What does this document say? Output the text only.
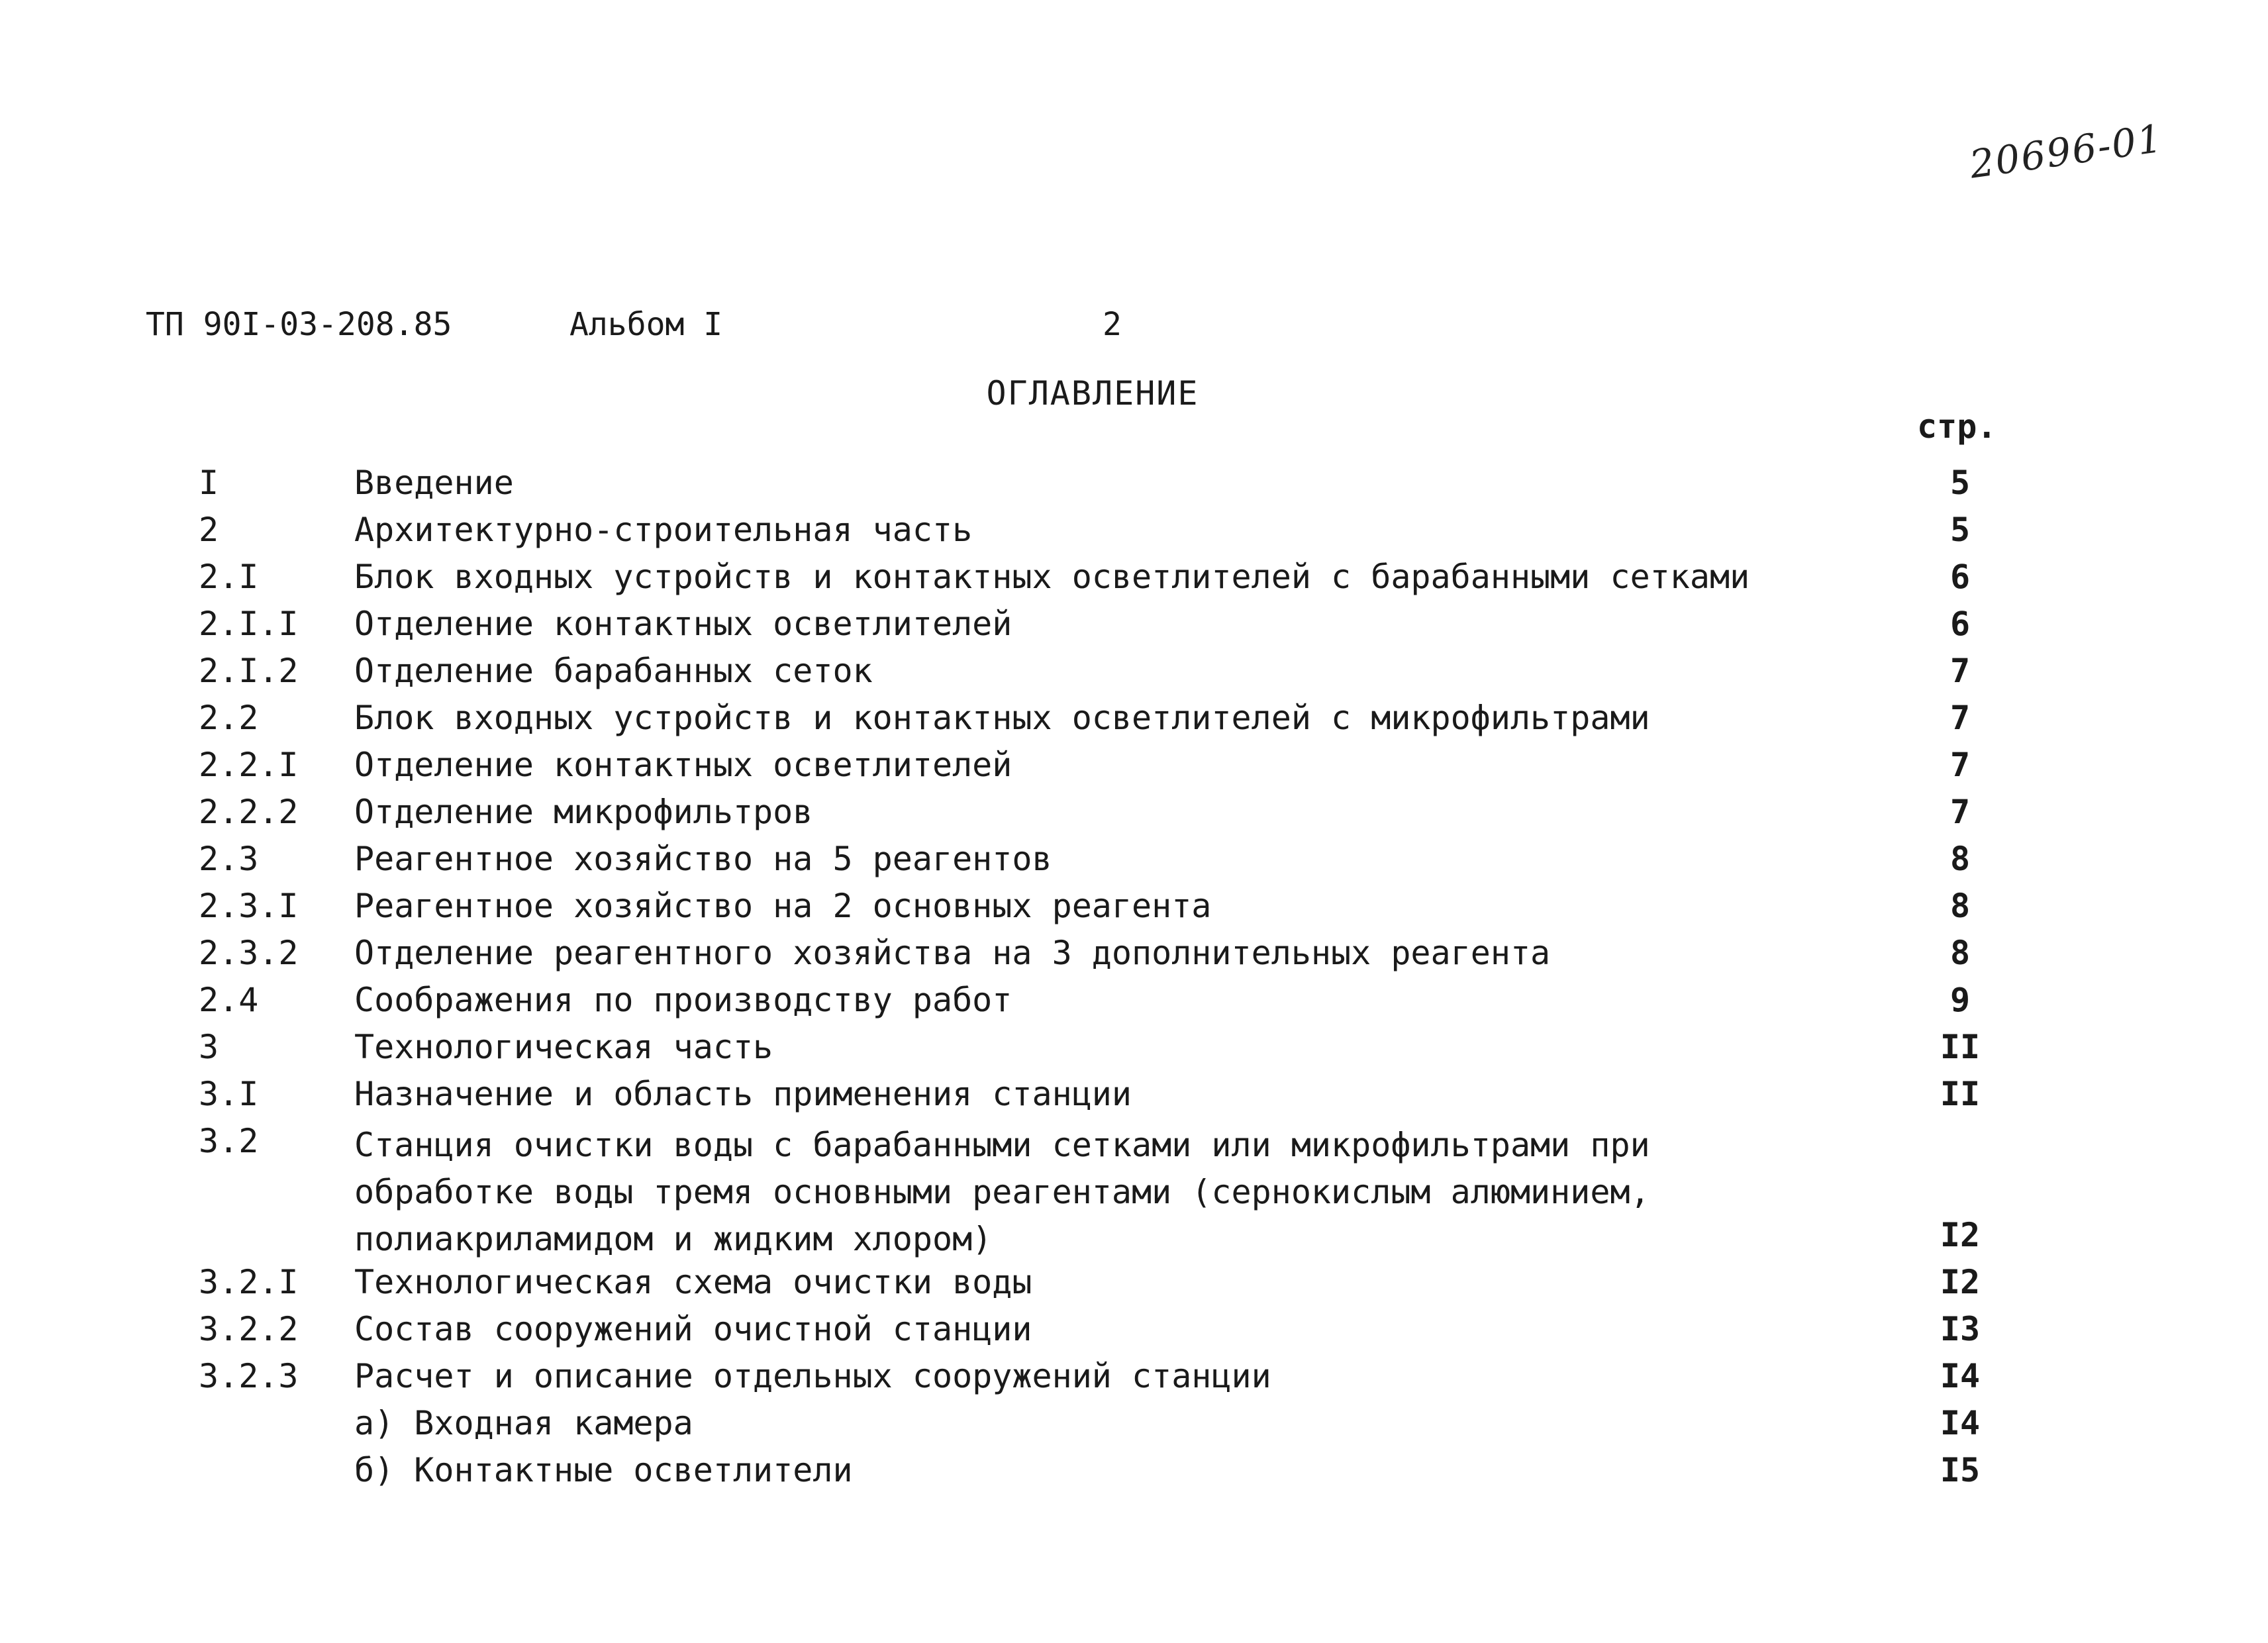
20696-01
ТП 90I-03-208.85	Альбом I	2
ОГЛАВЛЕНИЕ
стр.
I	Введение	5
2	Архитектурно-строительная часть	5
2.I	Блок входных устройств и контактных осветлителей с барабанными сетками	6
2.I.I Отделение контактных осветлителей	6
2.I.2 Отделение барабанных сеток	7
2.2	Блок входных устройств и контактных осветлителей с микрофильтрами	7
2.2.I Отделение контактных осветлителей	7
2.2.2 Отделение микрофильтров	7
2.3	Реагентное хозяйство на 5 реагентов	8
2.3.I Реагентное хозяйство на 2 основных реагента	8
2.3.2 Отделение реагентного хозяйства на 3 дополнительных реагента	8
2.4	Соображения по производству работ	9
3	Технологическая часть	II
3.I	Назначение и область применения станции	II
3.2	Станция очистки воды с барабанными сетками или микрофильтрами при обработке воды тремя основными реагентами (сернокислым алюминием, полиакриламидом и жидким хлором)	I2
3.2.I Технологическая схема очистки воды	I2
3.2.2 Состав сооружений очистной станции	I3
3.2.3 Расчет и описание отдельных сооружений станции	I4
а) Входная камера	I4
б) Контактные осветлители	I5
